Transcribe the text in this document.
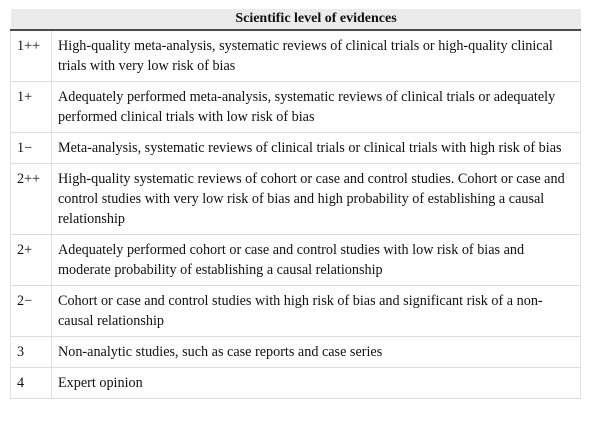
	Scientific level of evidences
1++	High-quality meta-analysis, systematic reviews of clinical trials or high-quality clinical trials with very low risk of bias
1+	Adequately performed meta-analysis, systematic reviews of clinical trials or adequately performed clinical trials with low risk of bias
1−	Meta-analysis, systematic reviews of clinical trials or clinical trials with high risk of bias
2++	High-quality systematic reviews of cohort or case and control studies. Cohort or case and control studies with very low risk of bias and high probability of establishing a causal relationship
2+	Adequately performed cohort or case and control studies with low risk of bias and moderate probability of establishing a causal relationship
2−	Cohort or case and control studies with high risk of bias and significant risk of a non-causal relationship
3	Non-analytic studies, such as case reports and case series
4	Expert opinion
